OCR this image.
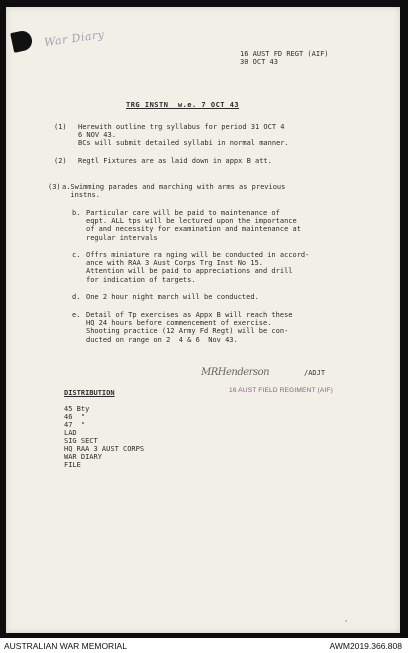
War Diary
16 AUST FD REGT (AIF)
30 OCT 43
TRG INSTN  w.e. 7 OCT 43
(1) Herewith outline trg syllabus for period 31 OCT 4
6 NOV 43.
BCs will submit detailed syllabi in normal manner.
(2) Regtl Fixtures are as laid down in appx B att.
(3) a.Swimming parades and marching with arms as previous
instns.
b. Particular care will be paid to maintenance of
eqpt. ALL tps will be lectured upon the importance
of and necessity for examination and maintenance at
regular intervals
c. Offrs miniature ra nging will be conducted in accord-
ance with RAA 3 Aust Corps Trg Inst No 15.
Attention will be paid to appreciations and drill
for indication of targets.
d. One 2 hour night march will be conducted.
e. Detail of Tp exercises as Appx B will reach these
HQ 24 hours before commencement of exercise.
Shooting practice (12 Army Fd Regt) will be con-
ducted on range on 2  4 & 6  Nov 43.
MRHenderson	/ADJT
16 AUST FIELD REGIMENT (AIF)
DISTRIBUTION
45 Bty
46  "
47  "
LAD
SIG SECT
HQ RAA 3 AUST CORPS
WAR DIARY
FILE
'
AUSTRALIAN WAR MEMORIAL	AWM2019.366.808
